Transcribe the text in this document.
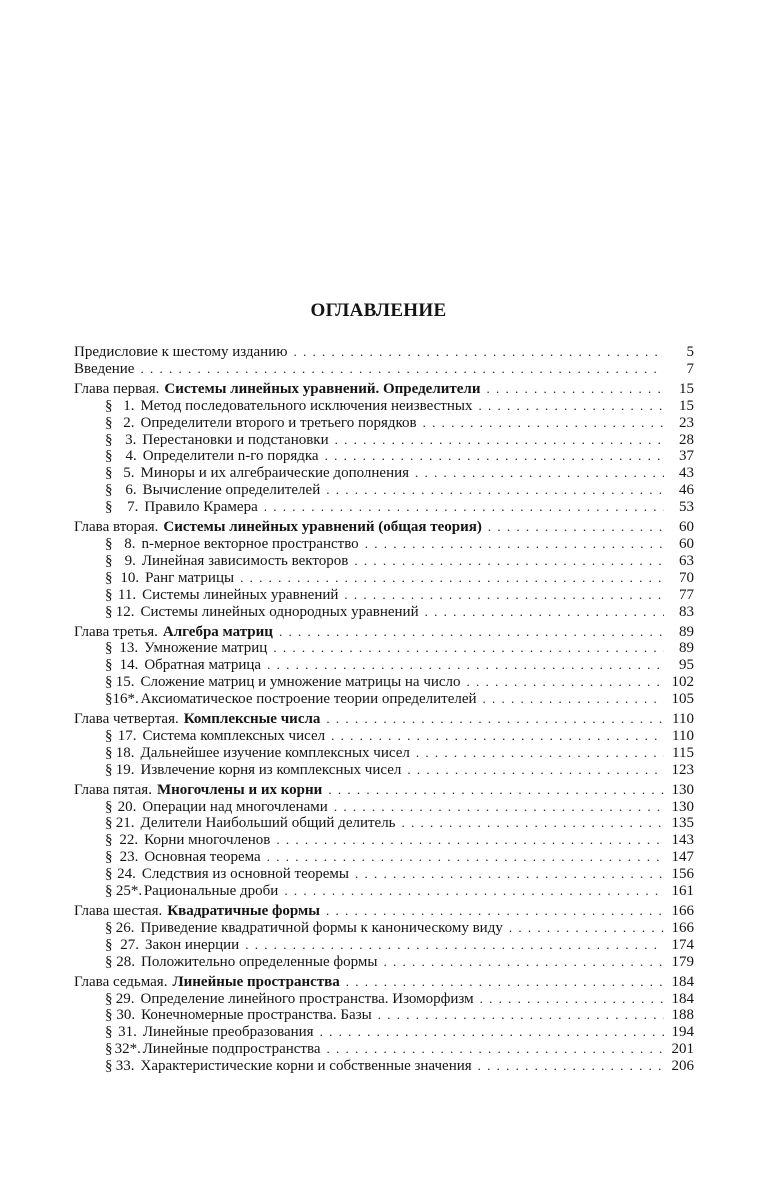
ОГЛАВЛЕНИЕ
Предисловие к шестому изданию . . .	5
Введение . . .	7
Глава первая. Системы линейных уравнений. Определители . . .	15
§ 1. Метод последовательного исключения неизвестных . . .	15
§ 2. Определители второго и третьего порядков . . .	23
§ 3. Перестановки и подстановки . . .	28
§ 4. Определители n-го порядка . . .	37
§ 5. Миноры и их алгебраические дополнения . . .	43
§ 6. Вычисление определителей . . .	46
§ 7. Правило Крамера . . .	53
Глава вторая. Системы линейных уравнений (общая теория) . . .	60
§ 8. n-мерное векторное пространство . . .	60
§ 9. Линейная зависимость векторов . . .	63
§ 10. Ранг матрицы . . .	70
§ 11. Системы линейных уравнений . . .	77
§ 12. Системы линейных однородных уравнений . . .	83
Глава третья. Алгебра матриц . . .	89
§ 13. Умножение матриц . . .	89
§ 14. Обратная матрица . . .	95
§ 15. Сложение матриц и умножение матрицы на число . . .	102
§ 16*. Аксиоматическое построение теории определителей . . .	105
Глава четвертая. Комплексные числа . . .	110
§ 17. Система комплексных чисел . . .	110
§ 18. Дальнейшее изучение комплексных чисел . . .	115
§ 19. Извлечение корня из комплексных чисел . . .	123
Глава пятая. Многочлены и их корни . . .	130
§ 20. Операции над многочленами . . .	130
§ 21. Делители Наибольший общий делитель . . .	135
§ 22. Корни многочленов . . .	143
§ 23. Основная теорема . . .	147
§ 24. Следствия из основной теоремы . . .	156
§ 25*. Рациональные дроби . . .	161
Глава шестая. Квадратичные формы . . .	166
§ 26. Приведение квадратичной формы к каноническому виду . . .	166
§ 27. Закон инерции . . .	174
§ 28. Положительно определенные формы . . .	179
Глава седьмая. Линейные пространства . . .	184
§ 29. Определение линейного пространства. Изоморфизм . . .	184
§ 30. Конечномерные пространства. Базы . . .	188
§ 31. Линейные преобразования . . .	194
§ 32*. Линейные подпространства . . .	201
§ 33. Характеристические корни и собственные значения . . .	206
